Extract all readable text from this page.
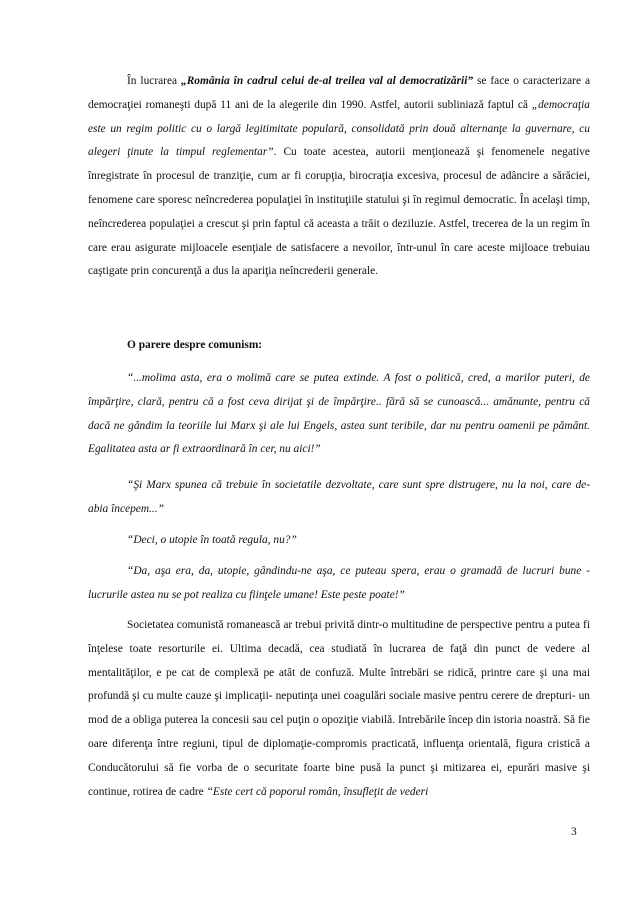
În lucrarea „România în cadrul celui de-al treilea val al democratizării” se face o caracterizare a democraţiei romaneşti după 11 ani de la alegerile din 1990. Astfel, autorii subliniază faptul că „democraţia este un regim politic cu o largă legitimitate populară, consolidată prin două alternanţe la guvernare, cu alegeri ţinute la timpul reglementar”. Cu toate acestea, autorii menţionează şi fenomenele negative înregistrate în procesul de tranziţie, cum ar fi corupţia, birocraţia excesiva, procesul de adâncire a sărăciei, fenomene care sporesc neîncrederea populaţiei în instituţiile statului şi în regimul democratic. În acelaşi timp, neîncrederea populaţiei a crescut şi prin faptul că aceasta a trăit o deziluzie. Astfel, trecerea de la un regim în care erau asigurate mijloacele esenţiale de satisfacere a nevoilor, într-unul în care aceste mijloace trebuiau caştigate prin concurenţă a dus la apariţia neîncrederii generale.

O parere despre comunism:

“...molima asta, era o molimă care se putea extinde. A fost o politică, cred, a marilor puteri, de împărţire, clară, pentru că a fost ceva dirijat şi de împărţire.. fără să se cunoască... amănunte, pentru că dacă ne gândim la teoriile lui Marx şi ale lui Engels, astea sunt teribile, dar nu pentru oamenii pe pământ. Egalitatea asta ar fi extraordinară în cer, nu aici!”

“Şi Marx spunea că trebuie în societatile dezvoltate, care sunt spre distrugere, nu la noi, care de-abia începem...”

“Deci, o utopie în toată regula, nu?”

“Da, aşa era, da, utopie, gândindu-ne aşa, ce puteau spera, erau o gramadă de lucruri bune - lucrurile astea nu se pot realiza cu fiinţele umane! Este peste poate!”

Societatea comunistă romanească ar trebui privită dintr-o multitudine de perspective pentru a putea fi înţelese toate resorturile ei. Ultima decadă, cea studiată în lucrarea de faţă din punct de vedere al mentalităţilor, e pe cat de complexă pe atât de confuză. Multe întrebări se ridică, printre care şi una mai profundă şi cu multe cauze şi implicaţii- neputinţa unei coagulări sociale masive pentru cerere de drepturi- un mod de a obliga puterea la concesii sau cel puţin o opoziţie viabilă. Intrebările încep din istoria noastră. Să fie oare diferenţa între regiuni, tipul de diplomaţie-compromis practicată, influenţa orientală, figura cristică a Conducătorului să fie vorba de o securitate foarte bine pusă la punct şi mitizarea ei, epurări masive şi continue, rotirea de cadre “Este cert că poporul român, însufleţit de vederi

3
